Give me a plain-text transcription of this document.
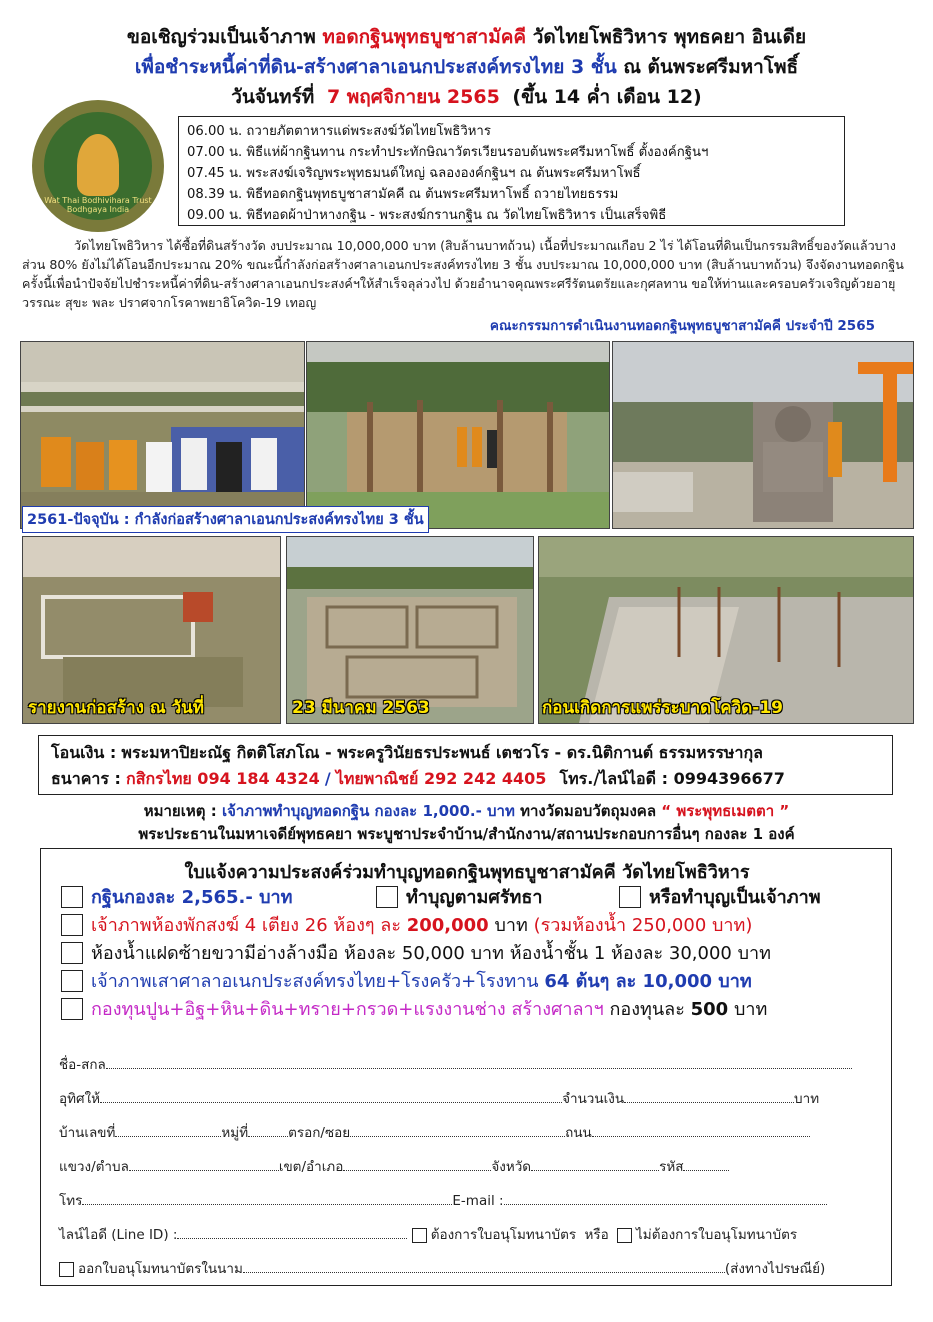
ขอเชิญร่วมเป็นเจ้าภาพ ทอดกฐินพุทธบูชาสามัคคี วัดไทยโพธิวิหาร พุทธคยา อินเดีย
เพื่อชำระหนี้ค่าที่ดิน-สร้างศาลาเอนกประสงค์ทรงไทย 3 ชั้น ณ ต้นพระศรีมหาโพธิ์
วันจันทร์ที่ 7 พฤศจิกายน 2565 (ขึ้น 14 ค่ำ เดือน 12)
Wat Thai Bodhivihara Trust Bodhgaya India
06.00 น. ถวายภัตตาหารแด่พระสงฆ์วัดไทยโพธิวิหาร
07.00 น. พิธีแห่ผ้ากฐินทาน กระทำประทักษิณาวัตรเวียนรอบต้นพระศรีมหาโพธิ์ ตั้งองค์กฐินฯ
07.45 น. พระสงฆ์เจริญพระพุทธมนต์ใหญ่ ฉลององค์กฐินฯ ณ ต้นพระศรีมหาโพธิ์
08.39 น. พิธีทอดกฐินพุทธบูชาสามัคคี ณ ต้นพระศรีมหาโพธิ์ ถวายไทยธรรม
09.00 น. พิธีทอดผ้าป่าหางกฐิน - พระสงฆ์กรานกฐิน ณ วัดไทยโพธิวิหาร เป็นเสร็จพิธี
วัดไทยโพธิวิหาร ได้ซื้อที่ดินสร้างวัด งบประมาณ 10,000,000 บาท (สิบล้านบาทถ้วน) เนื้อที่ประมาณเกือบ 2 ไร่ ได้โอนที่ดินเป็นกรรมสิทธิ์ของวัดแล้วบางส่วน 80% ยังไม่ได้โอนอีกประมาณ 20% ขณะนี้กำลังก่อสร้างศาลาเอนกประสงค์ทรงไทย 3 ชั้น งบประมาณ 10,000,000 บาท (สิบล้านบาทถ้วน) จึงจัดงานทอดกฐินครั้งนี้เพื่อนำปัจจัยไปชำระหนี้ค่าที่ดิน-สร้างศาลาเอนกประสงค์ฯให้สำเร็จลุล่วงไป ด้วยอำนาจคุณพระศรีรัตนตรัยและกุศลทาน ขอให้ท่านและครอบครัวเจริญด้วยอายุ วรรณะ สุขะ พละ ปราศจากโรคาพยาธิโควิด-19 เทอญ
คณะกรรมการดำเนินงานทอดกฐินพุทธบูชาสามัคคี ประจำปี 2565
2561-ปัจจุบัน : กำลังก่อสร้างศาลาเอนกประสงค์ทรงไทย 3 ชั้น
รายงานก่อสร้าง ณ วันที่	23 มีนาคม 2563	ก่อนเกิดการแพร่ระบาดโควิด-19
โอนเงิน : พระมหาปิยะณัฐ กิตติโสภโณ - พระครูวินัยธรประพนธ์ เตชวโร - ดร.นิติกานต์ ธรรมหรรษากุล
ธนาคาร : กสิกรไทย 094 184 4324 / ไทยพาณิชย์ 292 242 4405 โทร./ไลน์ไอดี : 0994396677
หมายเหตุ : เจ้าภาพทำบุญทอดกฐิน กองละ 1,000.- บาท ทางวัดมอบวัตถุมงคล “ พระพุทธเมตตา ”
พระประธานในมหาเจดีย์พุทธคยา พระบูชาประจำบ้าน/สำนักงาน/สถานประกอบการอื่นๆ กองละ 1 องค์
ใบแจ้งความประสงค์ร่วมทำบุญทอดกฐินพุทธบูชาสามัคคี วัดไทยโพธิวิหาร
กฐินกองละ 2,565.- บาท	ทำบุญตามศรัทธา	หรือทำบุญเป็นเจ้าภาพ
เจ้าภาพห้องพักสงฆ์ 4 เตียง 26 ห้องๆ ละ 200,000 บาท (รวมห้องน้ำ 250,000 บาท)
ห้องน้ำแฝดซ้ายขวามีอ่างล้างมือ ห้องละ 50,000 บาท ห้องน้ำชั้น 1 ห้องละ 30,000 บาท
เจ้าภาพเสาศาลาอเนกประสงค์ทรงไทย+โรงครัว+โรงทาน 64 ต้นๆ ละ 10,000 บาท
กองทุนปูน+อิฐ+หิน+ดิน+ทราย+กรวด+แรงงานช่าง สร้างศาลาฯ กองทุนละ 500 บาท
ชื่อ-สกล
อุทิศให้	จำนวนเงิน	บาท
บ้านเลขที่	หมู่ที่	ตรอก/ซอย	ถนน
แขวง/ตำบล	เขต/อำเภอ	จังหวัด	รหัส
โทร	E-mail :
ไลน์ไอดี (Line ID) :	ต้องการใบอนุโมทนาบัตร หรือ ไม่ต้องการใบอนุโมทนาบัตร
ออกใบอนุโมทนาบัตรในนาม	(ส่งทางไปรษณีย์)
